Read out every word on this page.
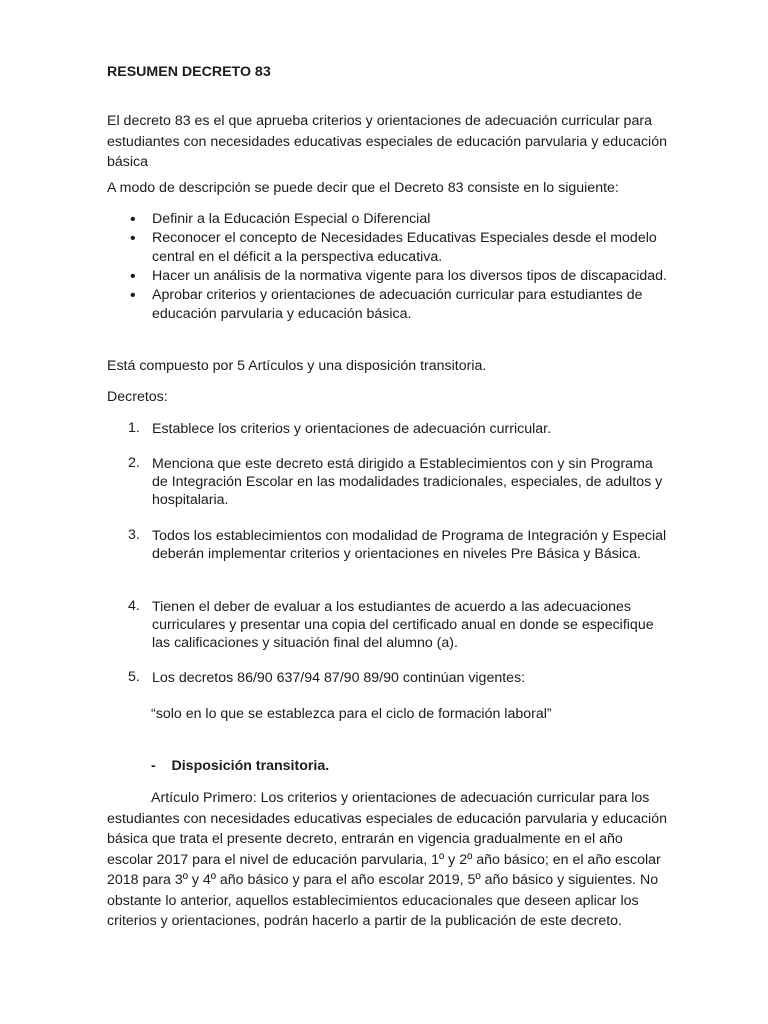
RESUMEN DECRETO 83

El decreto 83 es el que aprueba criterios y orientaciones de adecuación curricular para estudiantes con necesidades educativas especiales de educación parvularia y educación básica

A modo de descripción se puede decir que el Decreto 83 consiste en lo siguiente:

• Definir a la Educación Especial o Diferencial
• Reconocer el concepto de Necesidades Educativas Especiales desde el modelo central en el déficit a la perspectiva educativa.
• Hacer un análisis de la normativa vigente para los diversos tipos de discapacidad.
• Aprobar criterios y orientaciones de adecuación curricular para estudiantes de educación parvularia y educación básica.

Está compuesto por 5 Artículos y una disposición transitoria.

Decretos:

1. Establece los criterios y orientaciones de adecuación curricular.
2. Menciona que este decreto está dirigido a Establecimientos con y sin Programa de Integración Escolar en las modalidades tradicionales, especiales, de adultos y hospitalaria.
3. Todos los establecimientos con modalidad de Programa de Integración y Especial deberán implementar criterios y orientaciones en niveles Pre Básica y Básica.
4. Tienen el deber de evaluar a los estudiantes de acuerdo a las adecuaciones curriculares y presentar una copia del certificado anual en donde se especifique las calificaciones y situación final del alumno (a).
5. Los decretos 86/90 637/94 87/90 89/90 continúan vigentes:

“solo en lo que se establezca para el ciclo de formación laboral”

-    Disposición transitoria.

Artículo Primero: Los criterios y orientaciones de adecuación curricular para los estudiantes con necesidades educativas especiales de educación parvularia y educación básica que trata el presente decreto, entrarán en vigencia gradualmente en el año escolar 2017 para el nivel de educación parvularia, 1º y 2º año básico; en el año escolar 2018 para 3º y 4º año básico y para el año escolar 2019, 5º año básico y siguientes. No obstante lo anterior, aquellos establecimientos educacionales que deseen aplicar los criterios y orientaciones, podrán hacerlo a partir de la publicación de este decreto.
